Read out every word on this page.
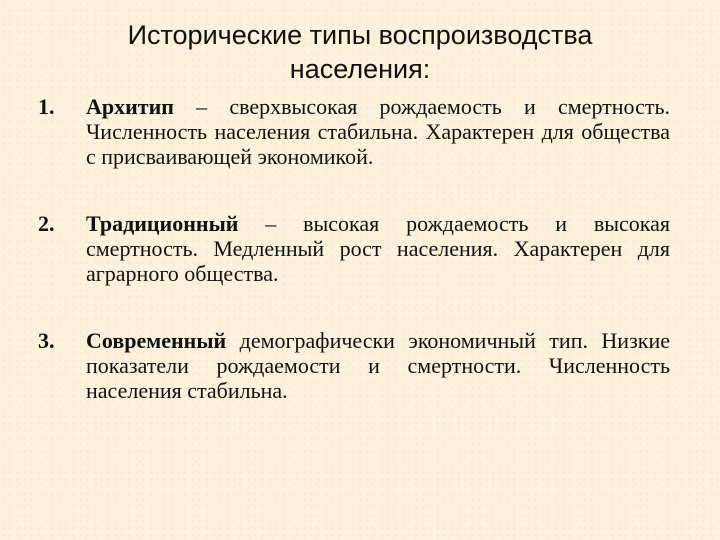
Исторические типы воспроизводства
населения:
1. Архитип – сверхвысокая рождаемость и смертность. Численность населения стабильна. Характерен для общества с присваивающей экономикой.
2. Традиционный – высокая рождаемость и высокая смертность. Медленный рост населения. Характерен для аграрного общества.
3. Современный демографически экономичный тип. Низкие показатели рождаемости и смертности. Численность населения стабильна.
